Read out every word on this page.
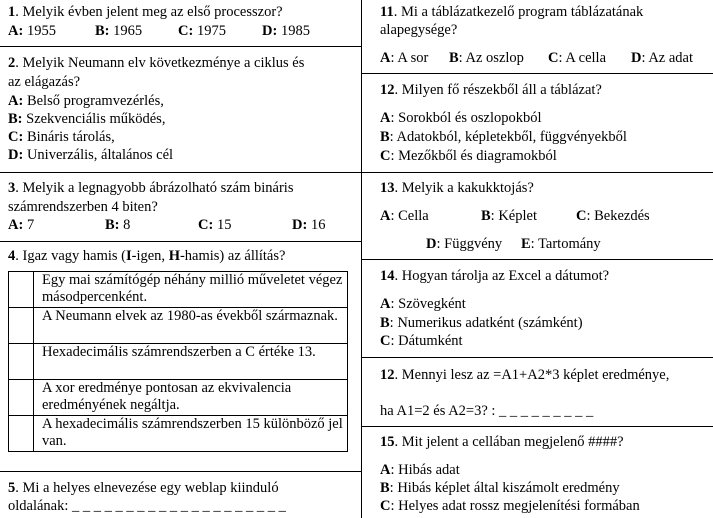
1. Melyik évben jelent meg az első processzor?
A: 1955	B: 1965 C: 1975 D: 1985
2. Melyik Neumann elv következménye a ciklus és
az elágazás?
A: Belső programvezérlés,
B: Szekvenciális működés,
C: Bináris tárolás,
D: Univerzális, általános cél
3. Melyik a legnagyobb ábrázolható szám bináris
számrendszerben 4 biten?
A: 7	B: 8	C: 15	D: 16
4. Igaz vagy hamis (I-igen, H-hamis) az állítás?
	Egy mai számítógép néhány millió műveletet végez másodpercenként.
	A Neumann elvek az 1980-as évekből származnak.
	Hexadecimális számrendszerben a C értéke 13.
	A xor eredménye pontosan az ekvivalencia eredményének negáltja.
	A hexadecimális számrendszerben 15 különböző jel van.
5. Mi a helyes elnevezése egy weblap kiinduló
oldalának: _ _ _ _ _ _ _ _ _ _ _ _ _ _ _ _ _ _ _ _
11. Mi a táblázatkezelő program táblázatának
alapegysége?
A: A sor B: Az oszlop C: A cella D: Az adat
12. Milyen fő részekből áll a táblázat?
A: Sorokból és oszlopokból
B: Adatokból, képletekből, függvényekből
C: Mezőkből és diagramokból
13. Melyik a kakukktojás?
A: Cella	B: Képlet	C: Bekezdés
D: Függvény E: Tartomány
14. Hogyan tárolja az Excel a dátumot?
A: Szövegként
B: Numerikus adatként (számként)
C: Dátumként
12. Mennyi lesz az =A1+A2*3 képlet eredménye,
ha A1=2 és A2=3? : _ _ _ _ _ _ _ _ _
15. Mit jelent a cellában megjelenő ####?
A: Hibás adat
B: Hibás képlet által kiszámolt eredmény
C: Helyes adat rossz megjelenítési formában
